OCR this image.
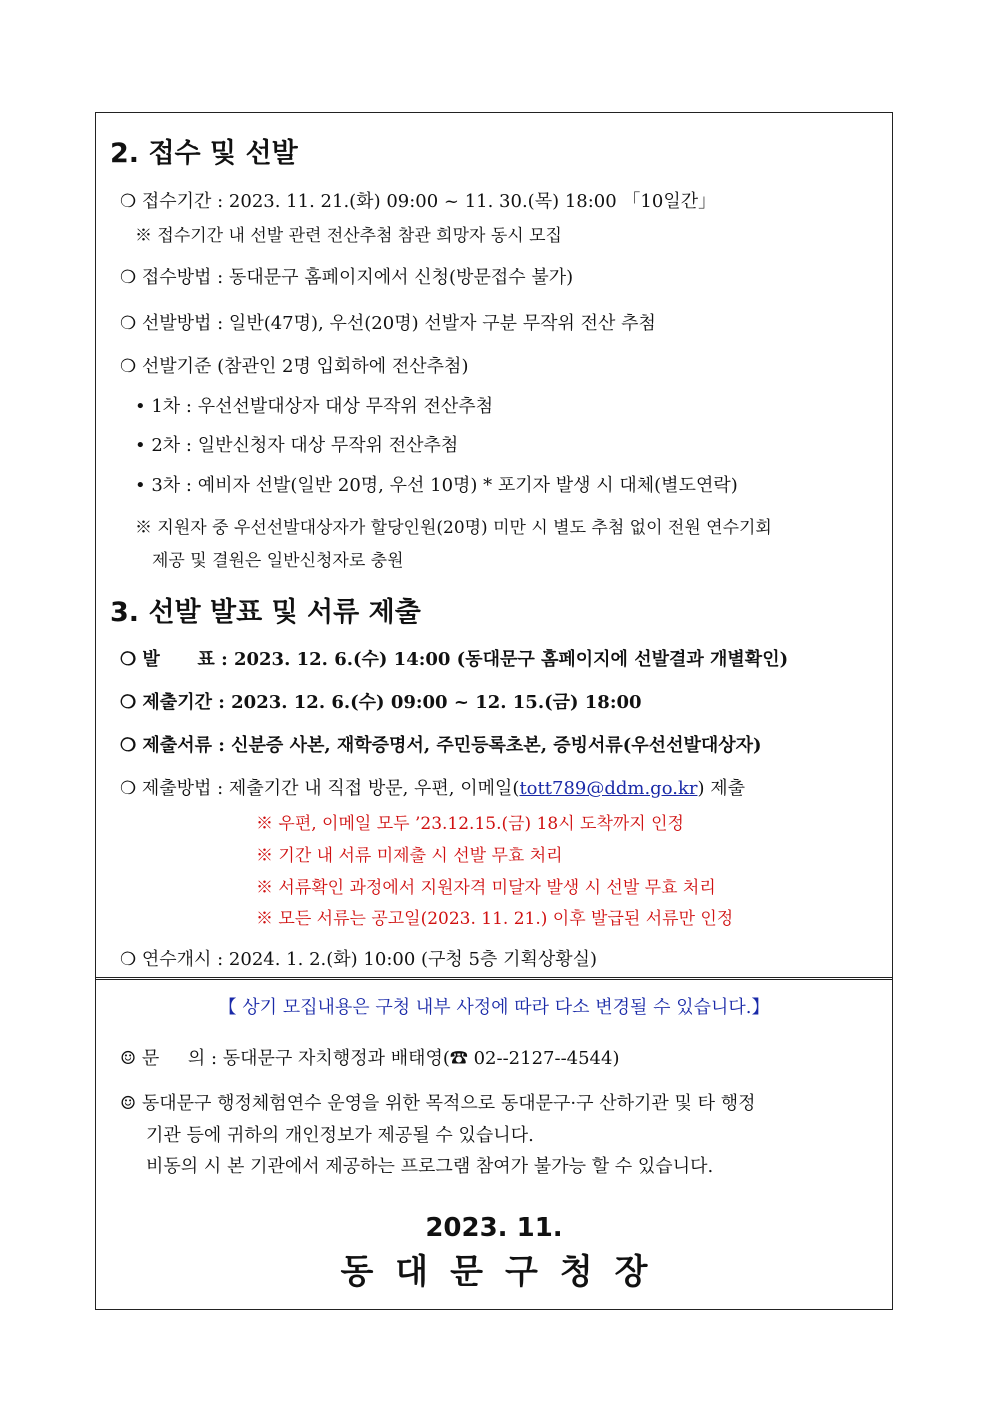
2. 접수 및 선발
❍ 접수기간 : 2023. 11. 21.(화) 09:00 ~ 11. 30.(목) 18:00 「10일간」
※ 접수기간 내 선발 관련 전산추첨 참관 희망자 동시 모집
❍ 접수방법 : 동대문구 홈페이지에서 신청(방문접수 불가)
❍ 선발방법 : 일반(47명), 우선(20명) 선발자 구분 무작위 전산 추첨
❍ 선발기준 (참관인 2명 입회하에 전산추첨)
• 1차 : 우선선발대상자 대상 무작위 전산추첨
• 2차 : 일반신청자 대상 무작위 전산추첨
• 3차 : 예비자 선발(일반 20명, 우선 10명) * 포기자 발생 시 대체(별도연락)
※ 지원자 중 우선선발대상자가 할당인원(20명) 미만 시 별도 추첨 없이 전원 연수기회
제공 및 결원은 일반신청자로 충원
3. 선발 발표 및 서류 제출
❍ 발      표 : 2023. 12. 6.(수) 14:00 (동대문구 홈페이지에 선발결과 개별확인)
❍ 제출기간 : 2023. 12. 6.(수) 09:00 ~ 12. 15.(금) 18:00
❍ 제출서류 : 신분증 사본, 재학증명서, 주민등록초본, 증빙서류(우선선발대상자)
❍ 제출방법 : 제출기간 내 직접 방문, 우편, 이메일(tott789@ddm.go.kr) 제출
※ 우편, 이메일 모두 ’23.12.15.(금) 18시 도착까지 인정
※ 기간 내 서류 미제출 시 선발 무효 처리
※ 서류확인 과정에서 지원자격 미달자 발생 시 선발 무효 처리
※ 모든 서류는 공고일(2023. 11. 21.) 이후 발급된 서류만 인정
❍ 연수개시 : 2024. 1. 2.(화) 10:00 (구청 5층 기획상황실)
【 상기 모집내용은 구청 내부 사정에 따라 다소 변경될 수 있습니다.】
☺ 문     의 : 동대문구 자치행정과 배태영(☎ 02--2127--4544)
☺ 동대문구 행정체험연수 운영을 위한 목적으로 동대문구·구 산하기관 및 타 행정
기관 등에 귀하의 개인정보가 제공될 수 있습니다.
비동의 시 본 기관에서 제공하는 프로그램 참여가 불가능 할 수 있습니다.
2023. 11.
동대문구청장
